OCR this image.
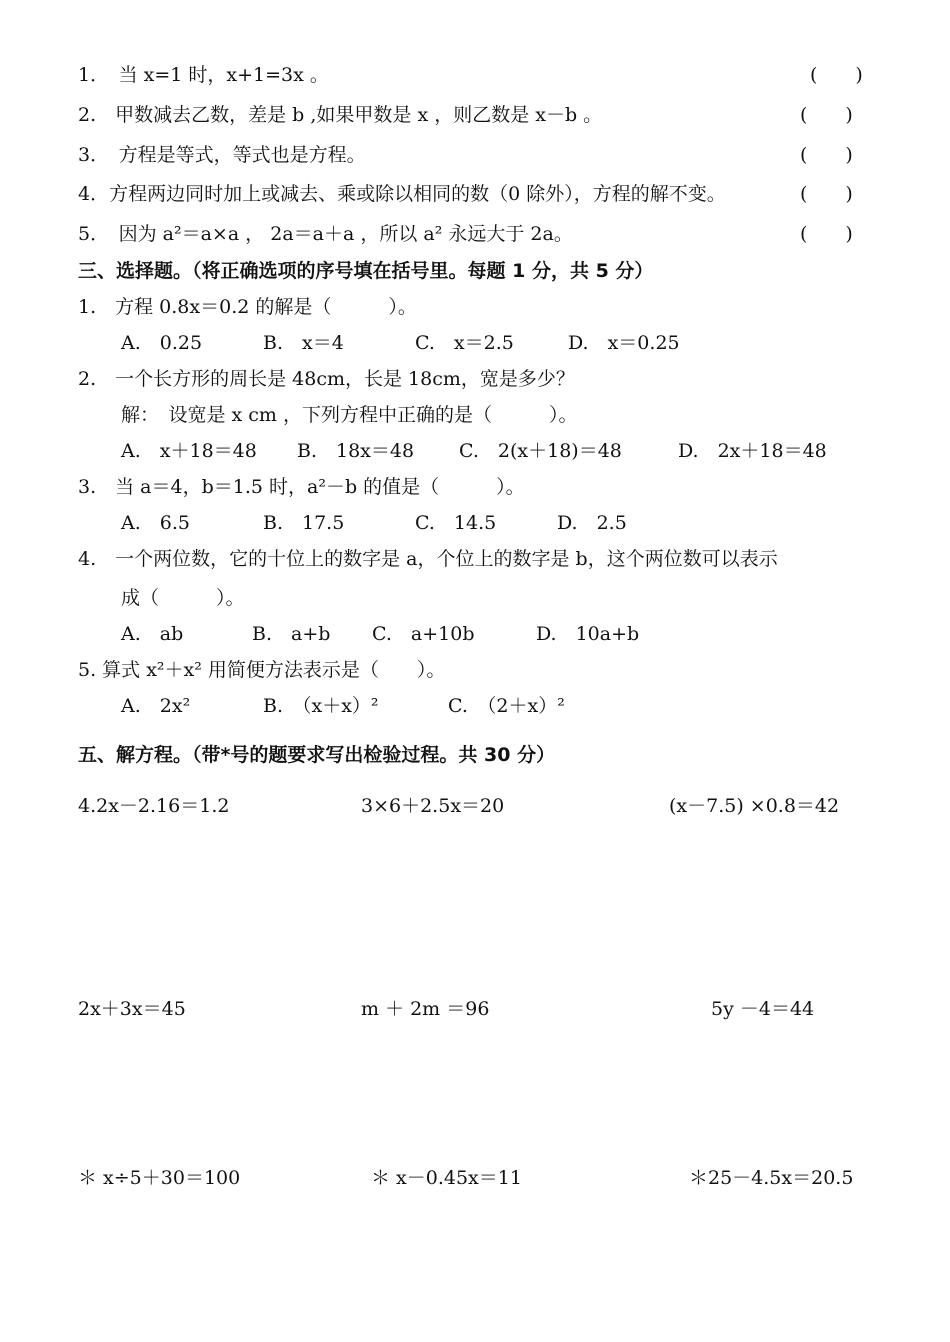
1．　当 x=1 时，x+1=3x 。	(　　)
2.　甲数减去乙数，差是 b ,如果甲数是 x ，则乙数是 x－b 。	(　　)
3．　方程是等式，等式也是方程。	(　　)
4．方程两边同时加上或减去、乘或除以相同的数（0 除外），方程的解不变。	(　　)
5．　因为 a²＝a×a ， 2a＝a＋a ，所以 a² 永远大于 2a。	(　　)
三、选择题。（将正确选项的序号填在括号里。每题 1 分，共 5 分）
1.　方程 0.8x＝0.2 的解是（　　　）。
A.　0.25	B.　x＝4	C.　x＝2.5	D.　x＝0.25
2.　一个长方形的周长是 48cm，长是 18cm，宽是多少？
解：　设宽是 x cm ，下列方程中正确的是（　　　）。
A.　x＋18＝48 B.　18x＝48 C.　2(x＋18)＝48	D.　2x＋18＝48
3.　当 a＝4，b＝1.5 时，a²－b 的值是（　　　）。
A.　6.5	B.　17.5	C.　14.5	D.　2.5
4.　一个两位数，它的十位上的数字是 a，个位上的数字是 b，这个两位数可以表示
成（　　　）。
A.　ab	B.　a+b C.　a+10b	D.　10a+b
5. 算式 x²＋x² 用简便方法表示是（　　）。
A.　2x²	B.　（x＋x）²	C.　（2＋x）²
五、解方程。（带*号的题要求写出检验过程。共 30 分）
4.2x－2.16＝1.2	3×6＋2.5x＝20	(x－7.5) ×0.8＝42
2x＋3x＝45	m ＋ 2m ＝96	5y －4＝44
＊ x÷5＋30＝100	＊ x－0.45x＝11	＊25－4.5x＝20.5
